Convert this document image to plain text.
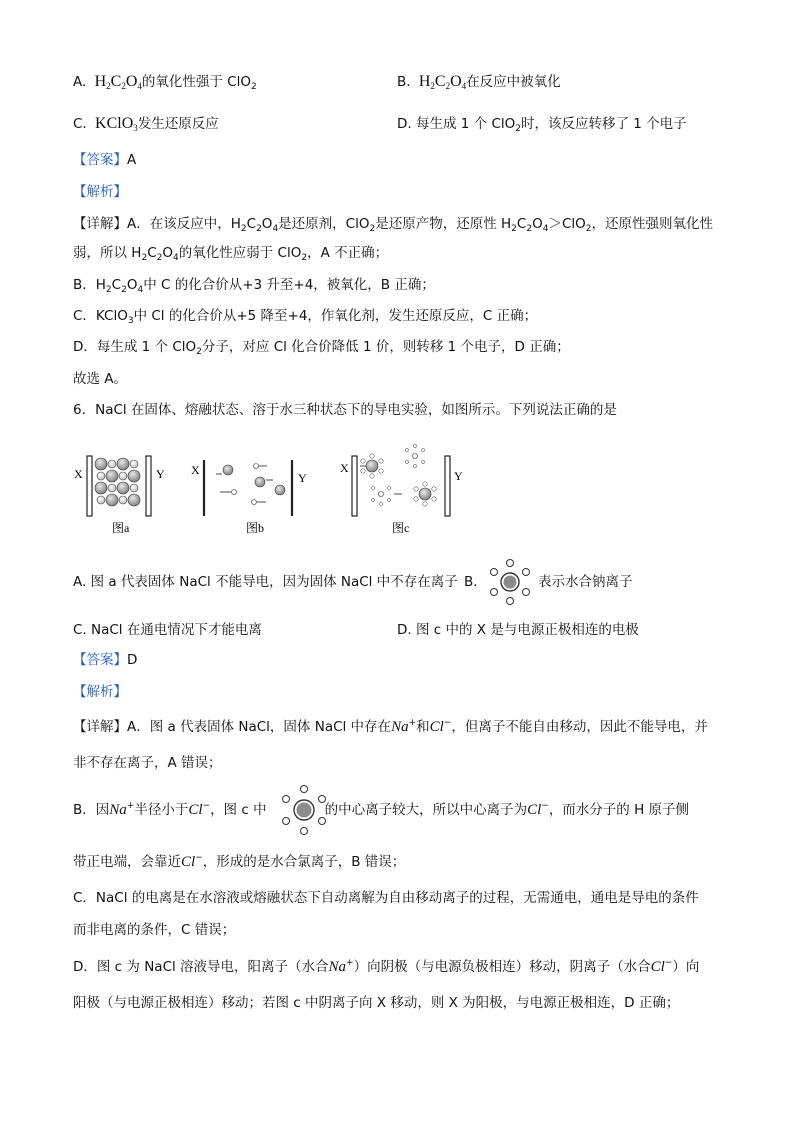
A. $H_2C_2O_4$的氧化性强于 ClO$_2$	B. $H_2C_2O_4$在反应中被氧化
C. KClO$_3$发生还原反应	D. 每生成 1 个 ClO$_2$时，该反应转移了 1 个电子
【答案】A
【解析】
【详解】A．在该反应中，$H_2C_2O_4$是还原剂，ClO$_2$是还原产物，还原性 $H_2C_2O_4>ClO_2$，还原性强则氧化性
弱，所以 $H_2C_2O_4$的氧化性应弱于 ClO$_2$，A 不正确；
B．$H_2C_2O_4$中 C 的化合价从+3 升至+4，被氧化，B 正确；
C．KClO$_3$中 Cl 的化合价从+5 降至+4，作氧化剂，发生还原反应，C 正确；
D．每生成 1 个 ClO$_2$分子，对应 Cl 化合价降低 1 价，则转移 1 个电子，D 正确；
故选 A。
6．NaCl 在固体、熔融状态、溶于水三种状态下的导电实验，如图所示。下列说法正确的是
X	Y
图a
X
Y
图b
X
Y
图c
A. 图 a 代表固体 NaCl 不能导电，因为固体 NaCl 中不存在离子 B.	表示水合钠离子
C. NaCl 在通电情况下才能电离	D. 图 c 中的 X 是与电源正极相连的电极
【答案】D
【解析】
【详解】A．图 a 代表固体 NaCl，固体 NaCl 中存在Na+和Cl−，但离子不能自由移动，因此不能导电，并
非不存在离子，A 错误；
B．因Na+半径小于Cl−，图 c 中	的中心离子较大，所以中心离子为Cl−，而水分子的 H 原子侧
带正电端，会靠近Cl−，形成的是水合氯离子，B 错误；
C．NaCl 的电离是在水溶液或熔融状态下自动离解为自由移动离子的过程，无需通电，通电是导电的条件
而非电离的条件，C 错误；
D．图 c 为 NaCl 溶液导电，阳离子（水合Na+）向阴极（与电源负极相连）移动，阴离子（水合Cl−）向
阳极（与电源正极相连）移动；若图 c 中阴离子向 X 移动，则 X 为阳极，与电源正极相连，D 正确；
